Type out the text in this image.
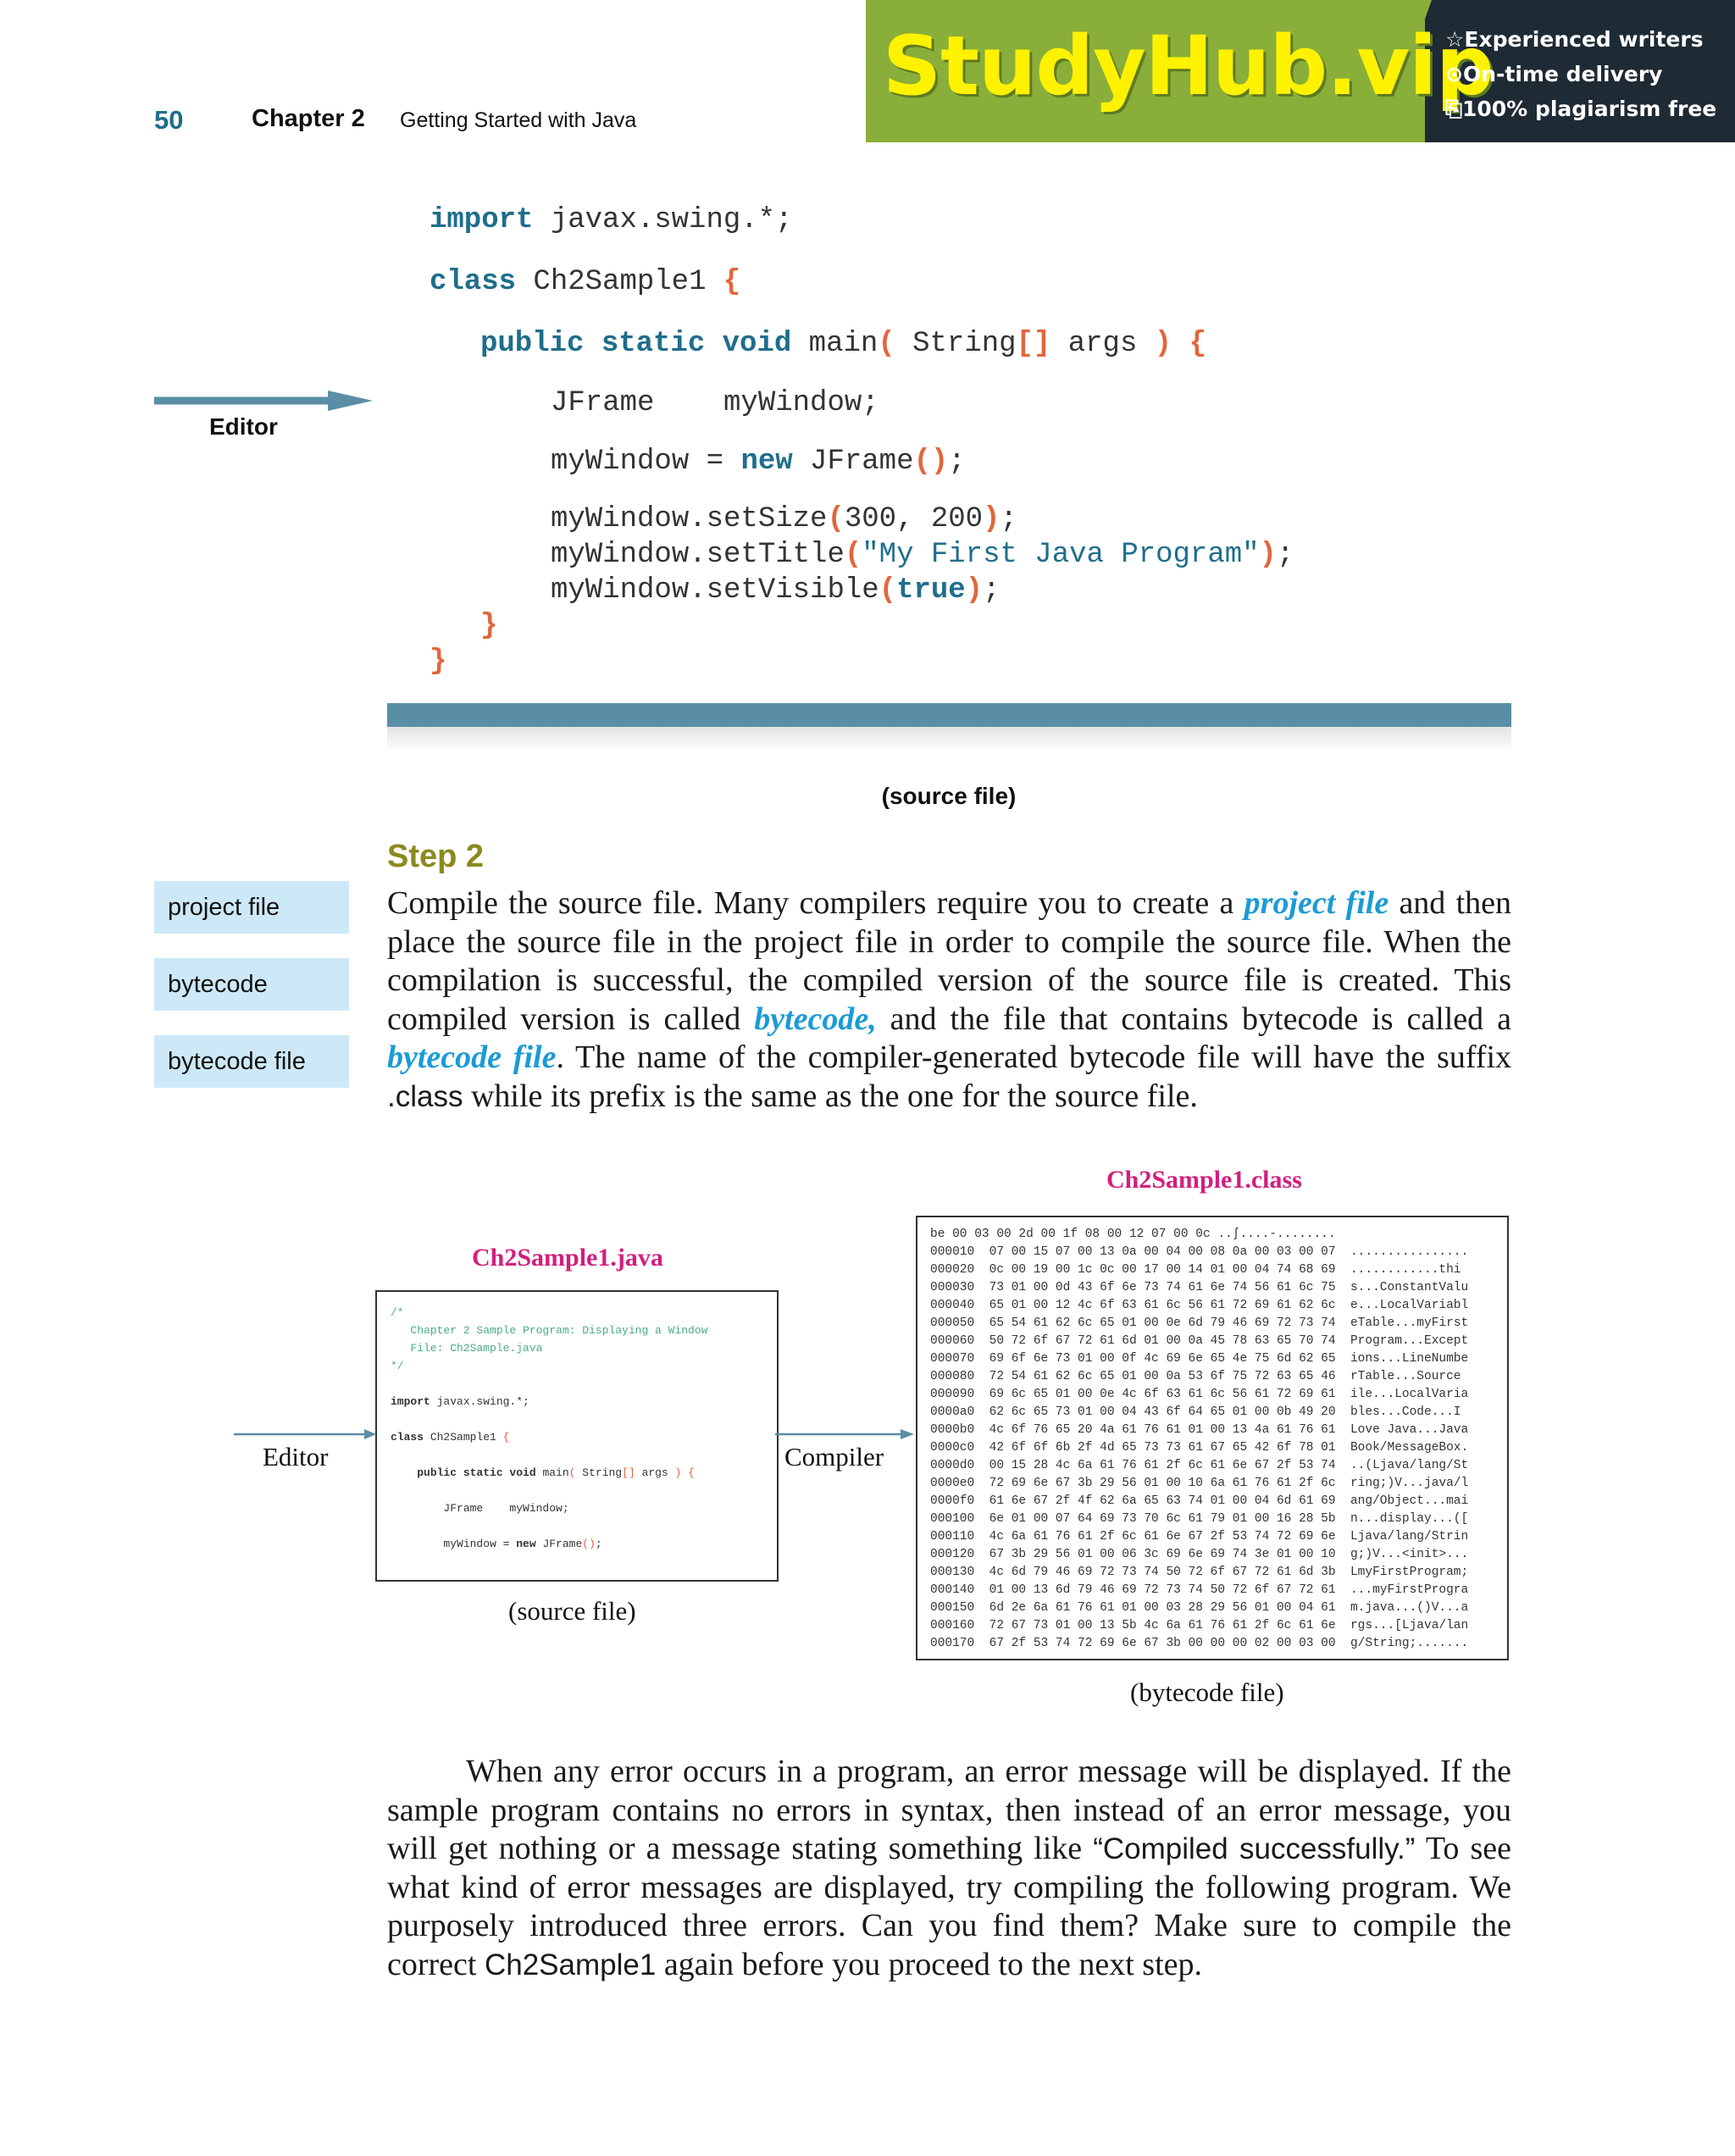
50	Chapter 2 Getting Started with Java
StudyHub.vip
☆Experienced writers
⊙On-time delivery
⎘100% plagiarism free
Editor
import javax.swing.*;
class Ch2Sample1 {
public static void main( String[] args ) {
JFrame    myWindow;
myWindow = new JFrame();
myWindow.setSize(300, 200);
myWindow.setTitle("My First Java Program");
myWindow.setVisible(true);
}
}
(source file)
Step 2
project file
bytecode
bytecode file
Compile the source file. Many compilers require you to create a project file and then place the source file in the project file in order to compile the source file. When the compilation is successful, the compiled version of the source file is created. This compiled version is called bytecode, and the file that contains bytecode is called a bytecode file. The name of the compiler-generated bytecode file will have the suffix .class while its prefix is the same as the one for the source file.
Ch2Sample1.class
Ch2Sample1.java
/*
Chapter 2 Sample Program: Displaying a Window
File: Ch2Sample.java
*/

import javax.swing.*;

class Ch2Sample1 {

public static void main( String[] args ) {

JFrame    myWindow;

myWindow = new JFrame();
Editor	Compiler
(source file)
be 00 03 00 2d 00 1f 08 00 12 07 00 0c ..ʃ....-........
000010  07 00 15 07 00 13 0a 00 04 00 08 0a 00 03 00 07  ................
000020  0c 00 19 00 1c 0c 00 17 00 14 01 00 04 74 68 69  ............thi
000030  73 01 00 0d 43 6f 6e 73 74 61 6e 74 56 61 6c 75  s...ConstantValu
000040  65 01 00 12 4c 6f 63 61 6c 56 61 72 69 61 62 6c  e...LocalVariabl
000050  65 54 61 62 6c 65 01 00 0e 6d 79 46 69 72 73 74  eTable...myFirst
000060  50 72 6f 67 72 61 6d 01 00 0a 45 78 63 65 70 74  Program...Except
000070  69 6f 6e 73 01 00 0f 4c 69 6e 65 4e 75 6d 62 65  ions...LineNumbe
000080  72 54 61 62 6c 65 01 00 0a 53 6f 75 72 63 65 46  rTable...Source
000090  69 6c 65 01 00 0e 4c 6f 63 61 6c 56 61 72 69 61  ile...LocalVaria
0000a0  62 6c 65 73 01 00 04 43 6f 64 65 01 00 0b 49 20  bles...Code...I
0000b0  4c 6f 76 65 20 4a 61 76 61 01 00 13 4a 61 76 61  Love Java...Java
0000c0  42 6f 6f 6b 2f 4d 65 73 73 61 67 65 42 6f 78 01  Book/MessageBox.
0000d0  00 15 28 4c 6a 61 76 61 2f 6c 61 6e 67 2f 53 74  ..(Ljava/lang/St
0000e0  72 69 6e 67 3b 29 56 01 00 10 6a 61 76 61 2f 6c  ring;)V...java/l
0000f0  61 6e 67 2f 4f 62 6a 65 63 74 01 00 04 6d 61 69  ang/Object...mai
000100  6e 01 00 07 64 69 73 70 6c 61 79 01 00 16 28 5b  n...display...([
000110  4c 6a 61 76 61 2f 6c 61 6e 67 2f 53 74 72 69 6e  Ljava/lang/Strin
000120  67 3b 29 56 01 00 06 3c 69 6e 69 74 3e 01 00 10  g;)V...<init>...
000130  4c 6d 79 46 69 72 73 74 50 72 6f 67 72 61 6d 3b  LmyFirstProgram;
000140  01 00 13 6d 79 46 69 72 73 74 50 72 6f 67 72 61  ...myFirstProgra
000150  6d 2e 6a 61 76 61 01 00 03 28 29 56 01 00 04 61  m.java...()V...a
000160  72 67 73 01 00 13 5b 4c 6a 61 76 61 2f 6c 61 6e  rgs...[Ljava/lan
000170  67 2f 53 74 72 69 6e 67 3b 00 00 00 02 00 03 00  g/String;.......
(bytecode file)
When any error occurs in a program, an error message will be displayed. If the sample program contains no errors in syntax, then instead of an error message, you will get nothing or a message stating something like “Compiled successfully.” To see what kind of error messages are displayed, try compiling the following program. We purposely introduced three errors. Can you find them? Make sure to compile the correct Ch2Sample1 again before you proceed to the next step.
